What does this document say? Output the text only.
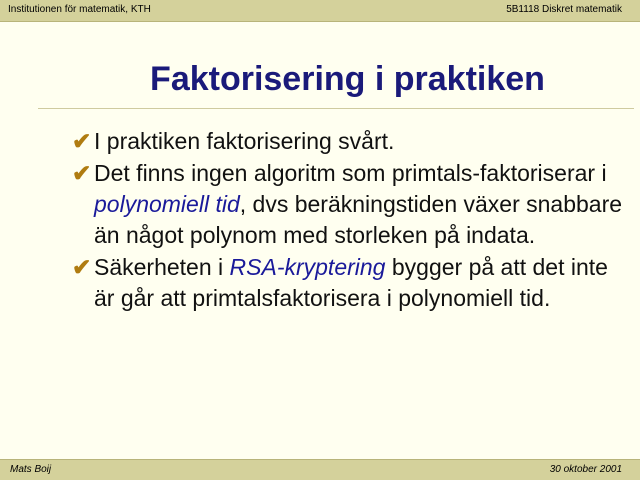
Institutionen för matematik, KTH	5B1118 Diskret matematik
Faktorisering i praktiken
✔ I praktiken faktorisering svårt.
✔ Det finns ingen algoritm som primtals-faktoriserar i polynomiell tid, dvs beräkningstiden växer snabbare än något polynom med storleken på indata.
✔ Säkerheten i RSA-kryptering bygger på att det inte är går att primtalsfaktorisera i polynomiell tid.
Mats Boij	30 oktober 2001
